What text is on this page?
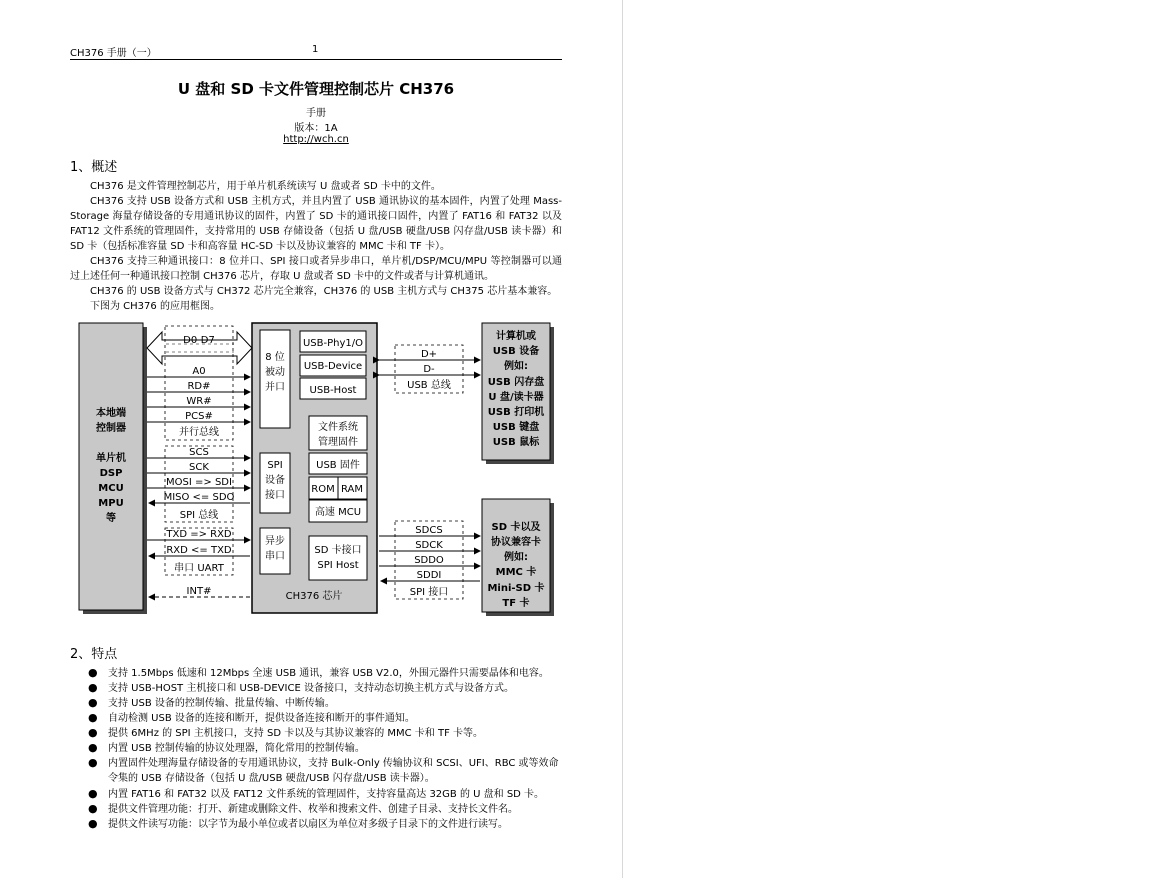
CH376 手册（一）	1
U 盘和 SD 卡文件管理控制芯片 CH376
手册
版本：1A
http://wch.cn
1、概述
CH376 是文件管理控制芯片，用于单片机系统读写 U 盘或者 SD 卡中的文件。
CH376 支持 USB 设备方式和 USB 主机方式，并且内置了 USB 通讯协议的基本固件，内置了处理 Mass-Storage 海量存储设备的专用通讯协议的固件，内置了 SD 卡的通讯接口固件，内置了 FAT16 和 FAT32 以及 FAT12 文件系统的管理固件，支持常用的 USB 存储设备（包括 U 盘/USB 硬盘/USB 闪存盘/USB 读卡器）和 SD 卡（包括标准容量 SD 卡和高容量 HC-SD 卡以及协议兼容的 MMC 卡和 TF 卡）。
CH376 支持三种通讯接口：8 位并口、SPI 接口或者异步串口，单片机/DSP/MCU/MPU 等控制器可以通过上述任何一种通讯接口控制 CH376 芯片，存取 U 盘或者 SD 卡中的文件或者与计算机通讯。
CH376 的 USB 设备方式与 CH372 芯片完全兼容，CH376 的 USB 主机方式与 CH375 芯片基本兼容。
下图为 CH376 的应用框图。
本地端
控制器
单片机
DSP
MCU
MPU
等
CH376 芯片
D0-D7
A0
RD#
WR#
PCS#
并行总线
SCS
SCK
MOSI => SDI
MISO <= SDO
SPI 总线
TXD => RXD
RXD <= TXD
串口 UART
INT#
8 位
被动
并口
SPI
设备
接口
异步
串口
USB-Phy1/O
USB-Device
USB-Host
文件系统
管理固件
USB 固件
ROM RAM
高速 MCU
SD 卡接口
SPI Host
D+
D-
USB 总线
SDCS
SDCK
SDDO
SDDI
SPI 接口
计算机或
USB 设备
例如:
USB 闪存盘
U 盘/读卡器
USB 打印机
USB 键盘
USB 鼠标
SD 卡以及
协议兼容卡
例如:
MMC 卡
Mini-SD 卡
TF 卡
2、特点
● 支持 1.5Mbps 低速和 12Mbps 全速 USB 通讯，兼容 USB V2.0，外围元器件只需要晶体和电容。
● 支持 USB-HOST 主机接口和 USB-DEVICE 设备接口，支持动态切换主机方式与设备方式。
● 支持 USB 设备的控制传输、批量传输、中断传输。
● 自动检测 USB 设备的连接和断开，提供设备连接和断开的事件通知。
● 提供 6MHz 的 SPI 主机接口，支持 SD 卡以及与其协议兼容的 MMC 卡和 TF 卡等。
● 内置 USB 控制传输的协议处理器，简化常用的控制传输。
● 内置固件处理海量存储设备的专用通讯协议，支持 Bulk-Only 传输协议和 SCSI、UFI、RBC 或等效命令集的 USB 存储设备（包括 U 盘/USB 硬盘/USB 闪存盘/USB 读卡器）。
● 内置 FAT16 和 FAT32 以及 FAT12 文件系统的管理固件，支持容量高达 32GB 的 U 盘和 SD 卡。
● 提供文件管理功能：打开、新建或删除文件、枚举和搜索文件、创建子目录、支持长文件名。
● 提供文件读写功能：以字节为最小单位或者以扇区为单位对多级子目录下的文件进行读写。
